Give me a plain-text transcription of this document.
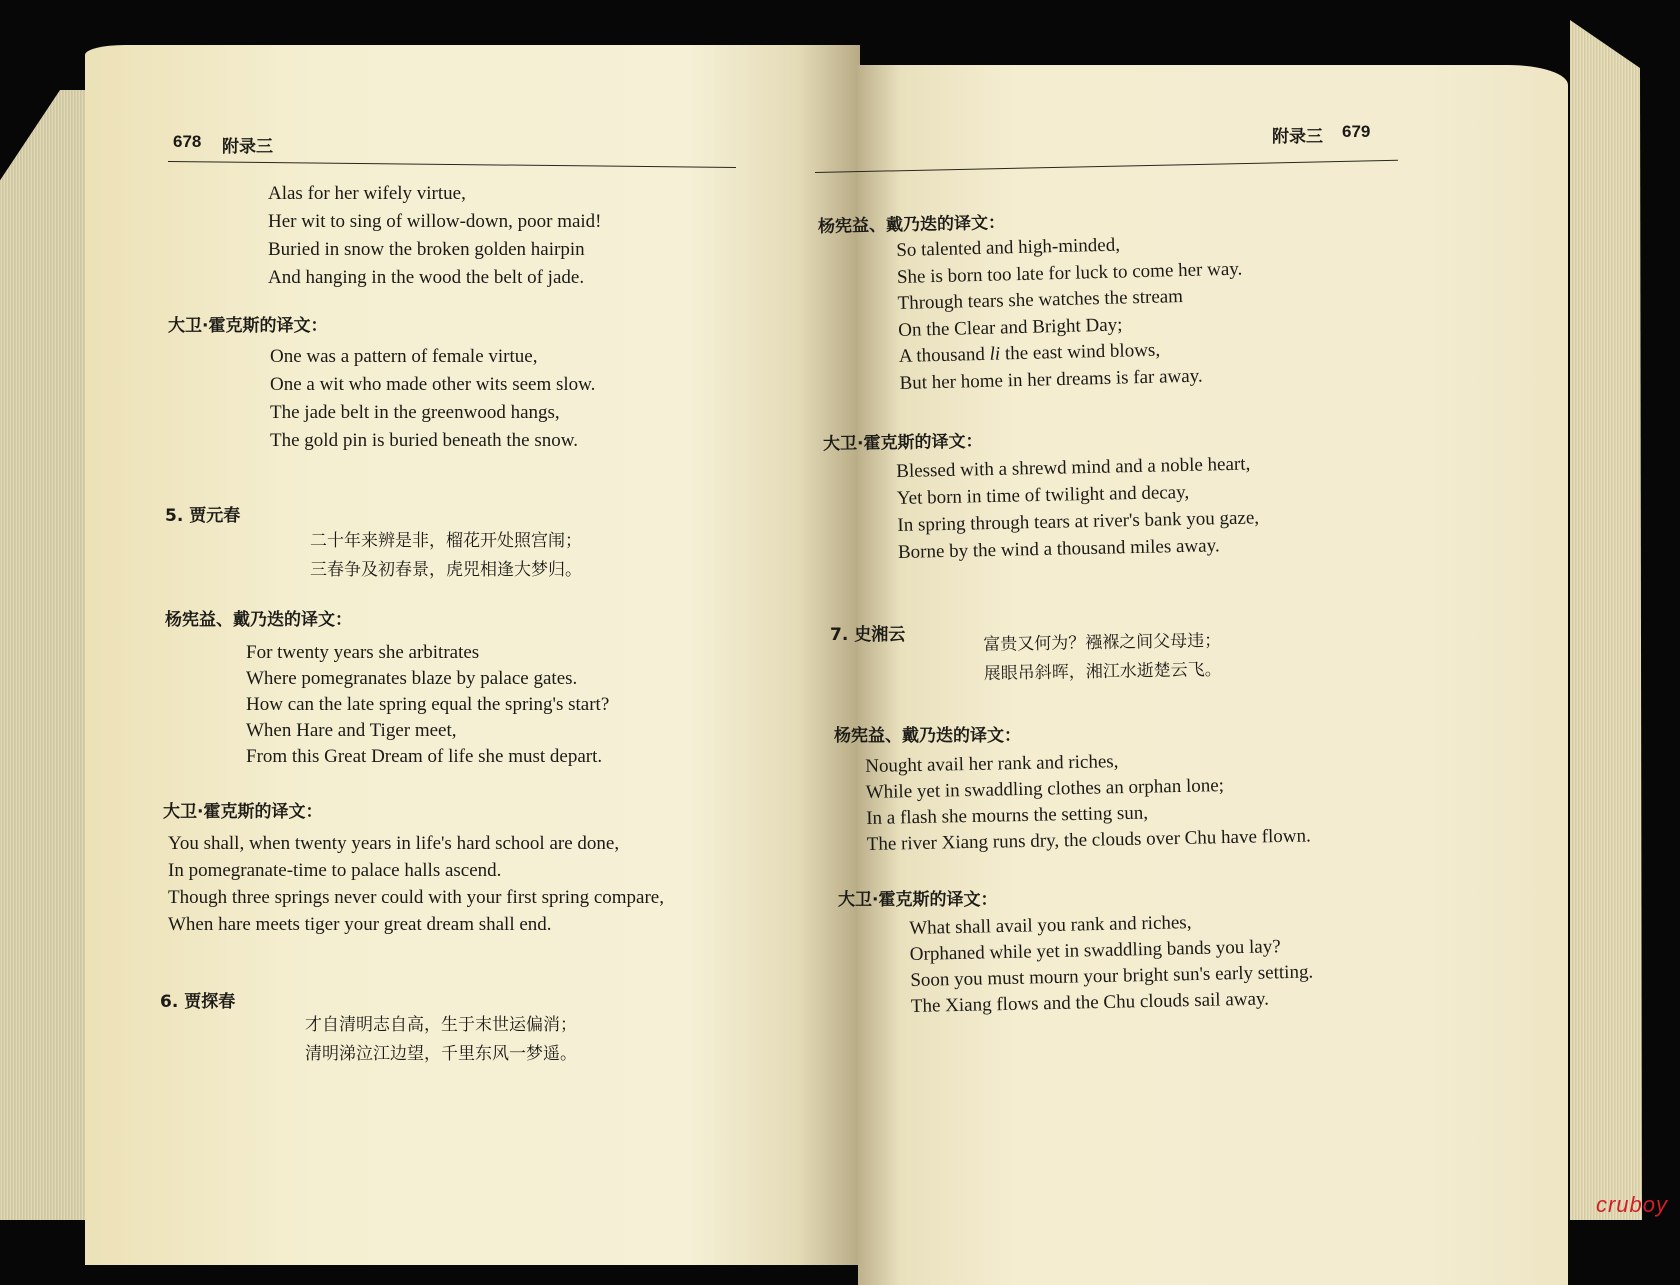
678 附录三
Alas for her wifely virtue,
Her wit to sing of willow-down, poor maid!
Buried in snow the broken golden hairpin
And hanging in the wood the belt of jade.
大卫·霍克斯的译文：
One was a pattern of female virtue,
One a wit who made other wits seem slow.
The jade belt in the greenwood hangs,
The gold pin is buried beneath the snow.
5. 贾元春
二十年来辨是非，榴花开处照宫闱；
三春争及初春景，虎兕相逢大梦归。
杨宪益、戴乃迭的译文：
For twenty years she arbitrates
Where pomegranates blaze by palace gates.
How can the late spring equal the spring's start?
When Hare and Tiger meet,
From this Great Dream of life she must depart.
大卫·霍克斯的译文：
You shall, when twenty years in life's hard school are done,
In pomegranate-time to palace halls ascend.
Though three springs never could with your first spring compare,
When hare meets tiger your great dream shall end.
6. 贾探春
才自清明志自高，生于末世运偏消；
清明涕泣江边望，千里东风一梦遥。
附录三 679
杨宪益、戴乃迭的译文：
So talented and high-minded,
She is born too late for luck to come her way.
Through tears she watches the stream
On the Clear and Bright Day;
A thousand li the east wind blows,
But her home in her dreams is far away.
大卫·霍克斯的译文：
Blessed with a shrewd mind and a noble heart,
Yet born in time of twilight and decay,
In spring through tears at river's bank you gaze,
Borne by the wind a thousand miles away.
7. 史湘云	富贵又何为？襁褓之间父母违；
展眼吊斜晖，湘江水逝楚云飞。
杨宪益、戴乃迭的译文：
Nought avail her rank and riches,
While yet in swaddling clothes an orphan lone;
In a flash she mourns the setting sun,
The river Xiang runs dry, the clouds over Chu have flown.
大卫·霍克斯的译文：
What shall avail you rank and riches,
Orphaned while yet in swaddling bands you lay?
Soon you must mourn your bright sun's early setting.
The Xiang flows and the Chu clouds sail away.
cruboy
